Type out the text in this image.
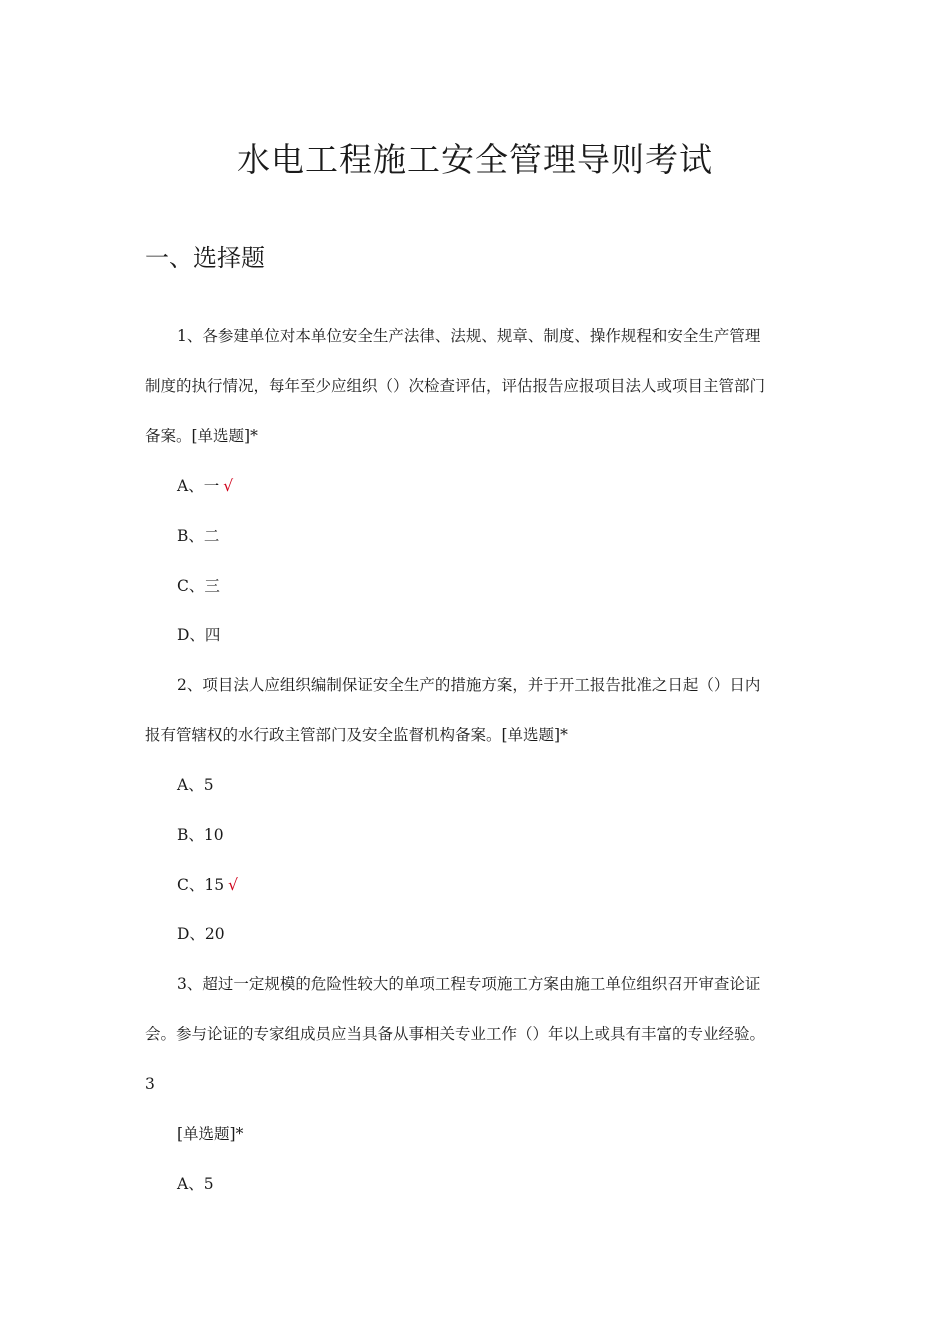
水电工程施工安全管理导则考试
一、选择题

1、各参建单位对本单位安全生产法律、法规、规章、制度、操作规程和安全生产管理

制度的执行情况，每年至少应组织（）次检查评估，评估报告应报项目法人或项目主管部门

备案。[单选题]*

A、一 √
B、二
C、三
D、四

2、项目法人应组织编制保证安全生产的措施方案，并于开工报告批准之日起（）日内

报有管辖权的水行政主管部门及安全监督机构备案。[单选题]*

A、5
B、10
C、15 √
D、20

3、超过一定规模的危险性较大的单项工程专项施工方案由施工单位组织召开审查论证

会。参与论证的专家组成员应当具备从事相关专业工作（）年以上或具有丰富的专业经验。

3

[单选题]*

A、5
